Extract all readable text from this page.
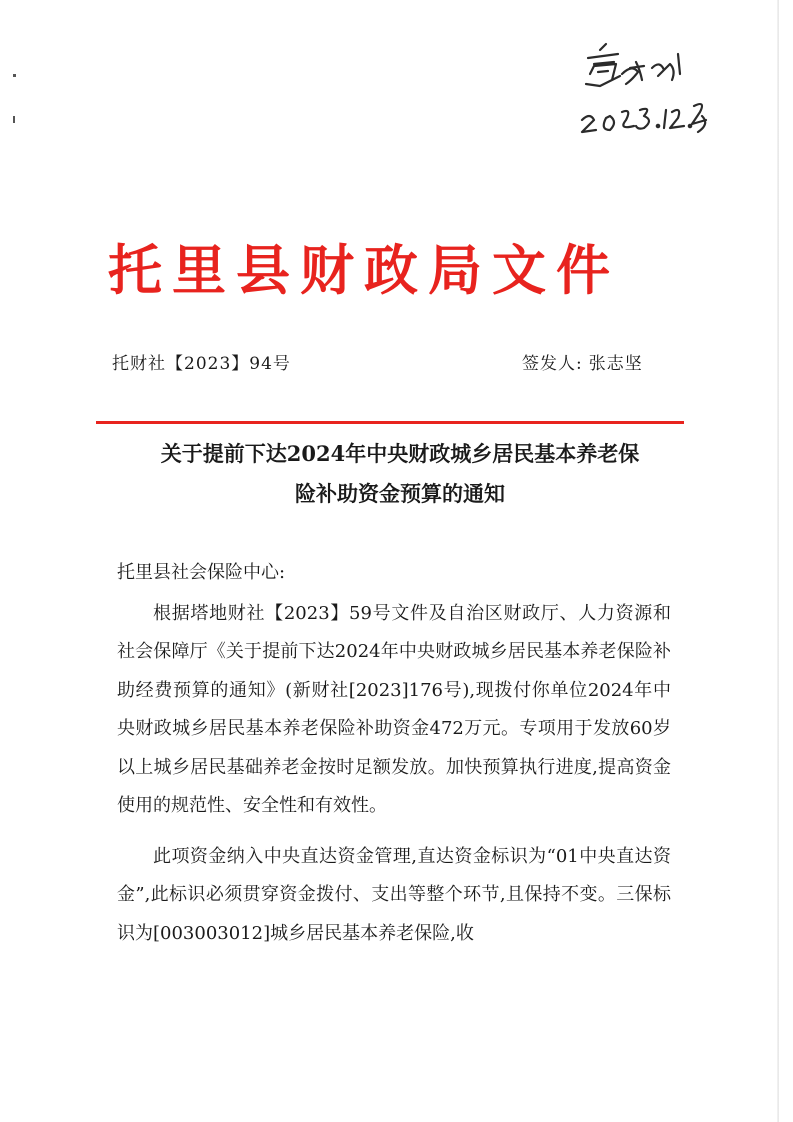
托里县财政局文件
托财社【2023】94号	签发人: 张志坚
关于提前下达2024年中央财政城乡居民基本养老保
险补助资金预算的通知

托里县社会保险中心:

根据塔地财社【2023】59号文件及自治区财政厅、人力资源和社会保障厅《关于提前下达2024年中央财政城乡居民基本养老保险补助经费预算的通知》(新财社[2023]176号),现拨付你单位2024年中央财政城乡居民基本养老保险补助资金472万元。专项用于发放60岁以上城乡居民基础养老金按时足额发放。加快预算执行进度,提高资金使用的规范性、安全性和有效性。

此项资金纳入中央直达资金管理,直达资金标识为“01中央直达资金”,此标识必须贯穿资金拨付、支出等整个环节,且保持不变。三保标识为[003003012]城乡居民基本养老保险,收
